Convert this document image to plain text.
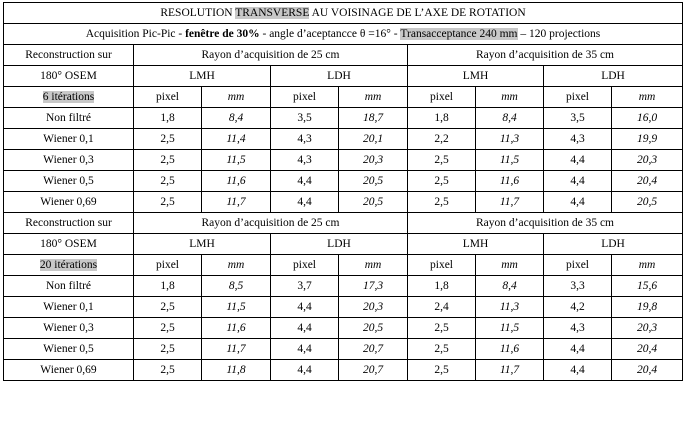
RESOLUTION TRANSVERSE AU VOISINAGE DE L’AXE DE ROTATION								
Acquisition Pic-Pic - fenêtre de 30% - angle d’aceptancce θ =16° - Transacceptance 240 mm – 120 projections								
Reconstruction sur	Rayon d’acquisition de 25 cm				Rayon d’acquisition de 35 cm			
180° OSEM	LMH		LDH		LMH		LDH	
6 itérations	pixel	mm	pixel	mm	pixel	mm	pixel	mm
Non filtré	1,8	8,4	3,5	18,7	1,8	8,4	3,5	16,0
Wiener 0,1	2,5	11,4	4,3	20,1	2,2	11,3	4,3	19,9
Wiener 0,3	2,5	11,5	4,3	20,3	2,5	11,5	4,4	20,3
Wiener 0,5	2,5	11,6	4,4	20,5	2,5	11,6	4,4	20,4
Wiener 0,69	2,5	11,7	4,4	20,5	2,5	11,7	4,4	20,5
Reconstruction sur	Rayon d’acquisition de 25 cm				Rayon d’acquisition de 35 cm			
180° OSEM	LMH		LDH		LMH		LDH	
20 itérations	pixel	mm	pixel	mm	pixel	mm	pixel	mm
Non filtré	1,8	8,5	3,7	17,3	1,8	8,4	3,3	15,6
Wiener 0,1	2,5	11,5	4,4	20,3	2,4	11,3	4,2	19,8
Wiener 0,3	2,5	11,6	4,4	20,5	2,5	11,5	4,3	20,3
Wiener 0,5	2,5	11,7	4,4	20,7	2,5	11,6	4,4	20,4
Wiener 0,69	2,5	11,8	4,4	20,7	2,5	11,7	4,4	20,4
